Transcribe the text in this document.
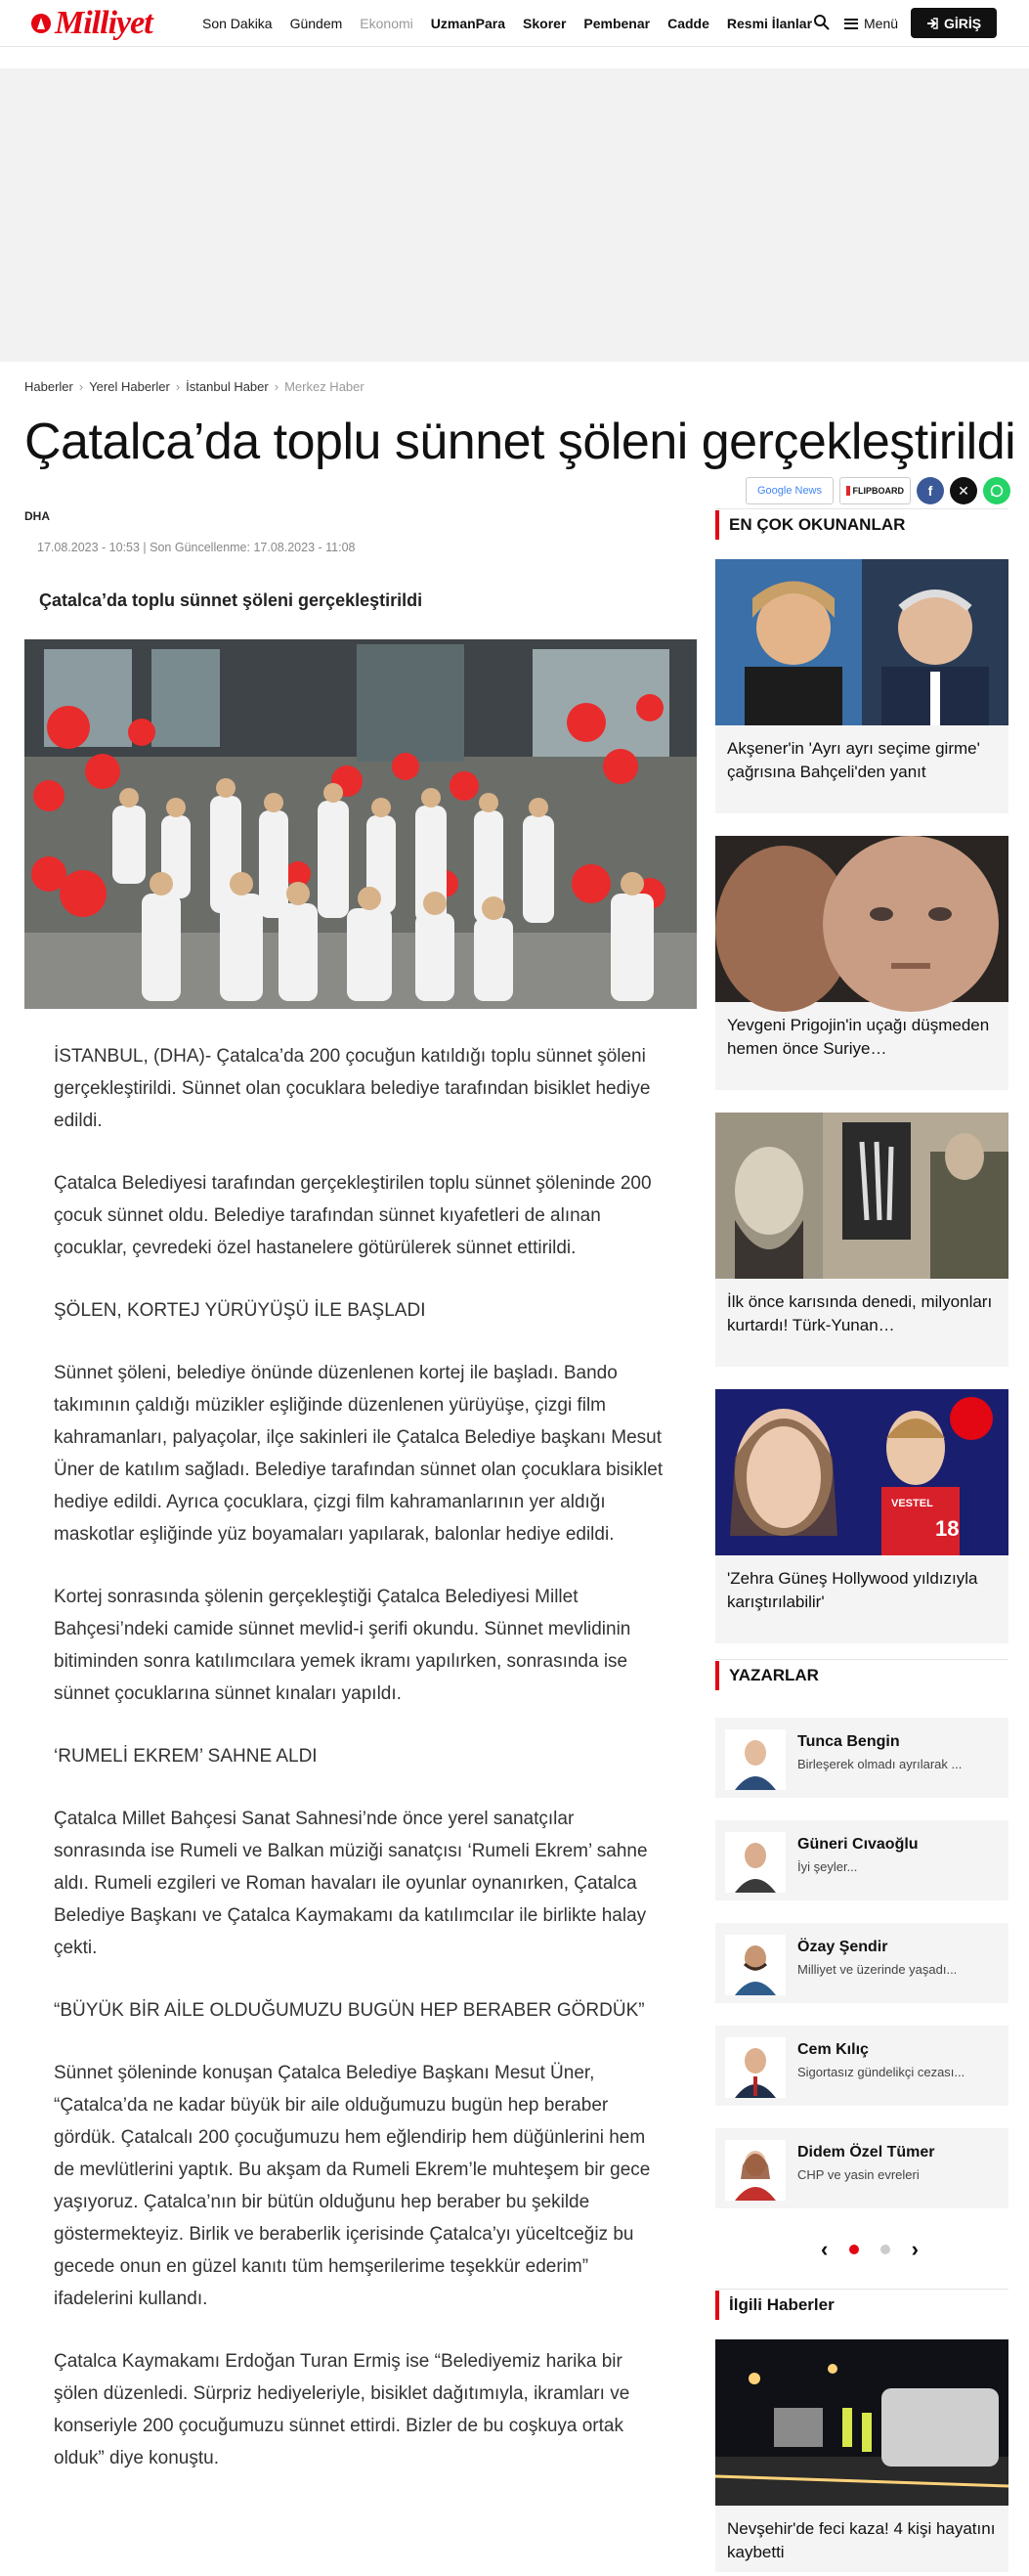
Milliyet	Son Dakika	Gündem	Ekonomi	UzmanPara	Skorer	Pembenar	Cadde	Resmi İlanlar	Menü	GİRİŞ
Haberler › Yerel Haberler › İstanbul Haber › Merkez Haber
Çatalca’da toplu sünnet şöleni gerçekleştirildi
Google News	FLIPBOARD	f	✕
DHA
17.08.2023 - 10:53 | Son Güncellenme: 17.08.2023 - 11:08
Çatalca’da toplu sünnet şöleni gerçekleştirildi

İSTANBUL, (DHA)- Çatalca’da 200 çocuğun katıldığı toplu sünnet şöleni gerçekleştirildi. Sünnet olan çocuklara belediye tarafından bisiklet hediye edildi.

Çatalca Belediyesi tarafından gerçekleştirilen toplu sünnet şöleninde 200 çocuk sünnet oldu. Belediye tarafından sünnet kıyafetleri de alınan çocuklar, çevredeki özel hastanelere götürülerek sünnet ettirildi.

ŞÖLEN, KORTEJ YÜRÜYÜŞÜ İLE BAŞLADI

Sünnet şöleni, belediye önünde düzenlenen kortej ile başladı. Bando takımının çaldığı müzikler eşliğinde düzenlenen yürüyüşe, çizgi film kahramanları, palyaçolar, ilçe sakinleri ile Çatalca Belediye başkanı Mesut Üner de katılım sağladı. Belediye tarafından sünnet olan çocuklara bisiklet hediye edildi. Ayrıca çocuklara, çizgi film kahramanlarının yer aldığı maskotlar eşliğinde yüz boyamaları yapılarak, balonlar hediye edildi.

Kortej sonrasında şölenin gerçekleştiği Çatalca Belediyesi Millet Bahçesi’ndeki camide sünnet mevlid-i şerifi okundu. Sünnet mevlidinin bitiminden sonra katılımcılara yemek ikramı yapılırken, sonrasında ise sünnet çocuklarına sünnet kınaları yapıldı.

‘RUMELİ EKREM’ SAHNE ALDI

Çatalca Millet Bahçesi Sanat Sahnesi’nde önce yerel sanatçılar sonrasında ise Rumeli ve Balkan müziği sanatçısı ‘Rumeli Ekrem’ sahne aldı. Rumeli ezgileri ve Roman havaları ile oyunlar oynanırken, Çatalca Belediye Başkanı ve Çatalca Kaymakamı da katılımcılar ile birlikte halay çekti.

“BÜYÜK BİR AİLE OLDUĞUMUZU BUGÜN HEP BERABER GÖRDÜK”

Sünnet şöleninde konuşan Çatalca Belediye Başkanı Mesut Üner, “Çatalca’da ne kadar büyük bir aile olduğumuzu bugün hep beraber gördük. Çatalcalı 200 çocuğumuzu hem eğlendirip hem düğünlerini hem de mevlütlerini yaptık. Bu akşam da Rumeli Ekrem’le muhteşem bir gece yaşıyoruz. Çatalca’nın bir bütün olduğunu hep beraber bu şekilde göstermekteyiz. Birlik ve beraberlik içerisinde Çatalca’yı yüceltceğiz bu gecede onun en güzel kanıtı tüm hemşerilerime teşekkür ederim” ifadelerini kullandı.

Çatalca Kaymakamı Erdoğan Turan Ermiş ise “Belediyemiz harika bir şölen düzenledi. Sürpriz hediyeleriyle, bisiklet dağıtımıyla, ikramları ve konseriyle 200 çocuğumuzu sünnet ettirdi. Bizler de bu coşkuya ortak olduk” diye konuştu.

EN ÇOK OKUNANLAR
Akşener'in 'Ayrı ayrı seçime girme' çağrısına Bahçeli'den yanıt
Yevgeni Prigojin'in uçağı düşmeden hemen önce Suriye…
İlk önce karısında denedi, milyonları kurtardı! Türk-Yunan…
VESTEL
18
'Zehra Güneş Hollywood yıldızıyla karıştırılabilir'
YAZARLAR
Tunca Bengin
Birleşerek olmadı ayrılarak ...
Güneri Cıvaoğlu
İyi şeyler...
Özay Şendir
Milliyet ve üzerinde yaşadı...
Cem Kılıç
Sigortasız gündelikçi cezası...
Didem Özel Tümer
CHP ve yasin evreleri
‹	›
İlgili Haberler
Nevşehir'de feci kaza! 4 kişi hayatını kaybetti
